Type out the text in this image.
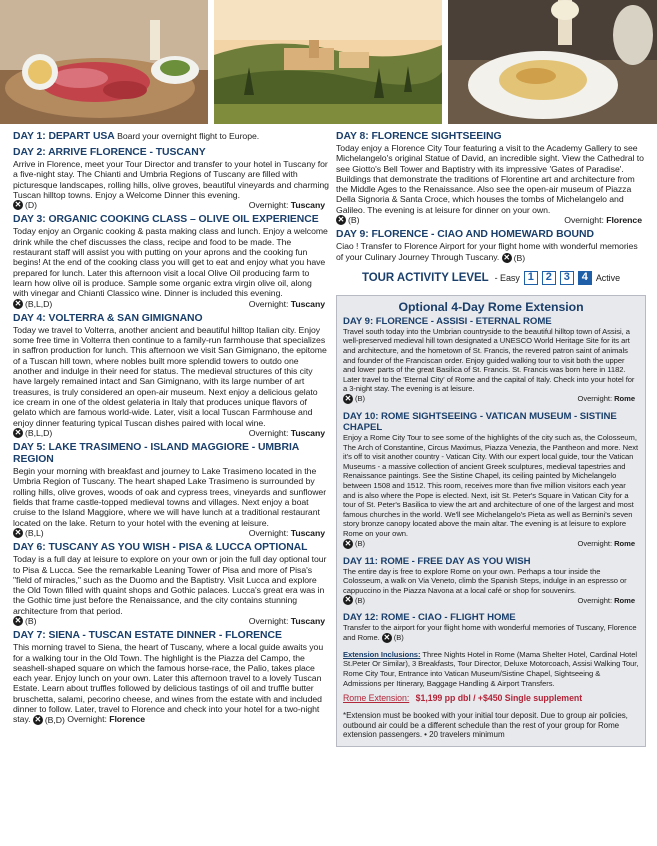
DAY 1: DEPART USA Board your overnight flight to Europe.
DAY 2: ARRIVE FLORENCE - TUSCANY
Arrive in Florence, meet your Tour Director and transfer to your hotel in Tuscany for a five-night stay. The Chianti and Umbria Regions of Tuscany are filled with picturesque landscapes, rolling hills, olive groves, beautiful vineyards and charming Tuscan hilltop towns. Enjoy a Welcome Dinner this evening.
✕ (D)	Overnight: Tuscany
DAY 3: ORGANIC COOKING CLASS – OLIVE OIL EXPERIENCE
Today enjoy an Organic cooking & pasta making class and lunch. Enjoy a welcome drink while the chef discusses the class, recipe and food to be made. The restaurant staff will assist you with putting on your aprons and the cooking fun begins! At the end of the cooking class you will get to eat and enjoy what you have prepared for lunch. Later this afternoon visit a local Olive Oil producing farm to learn how olive oil is produce. Sample some organic extra virgin olive oil, along with vinegar and Chianti Classico wine. Dinner is included this evening.
✕ (B,L,D)	Overnight: Tuscany
DAY 4: VOLTERRA & SAN GIMIGNANO
Today we travel to Volterra, another ancient and beautiful hilltop Italian city. Enjoy some free time in Volterra then continue to a family-run farmhouse that specializes in saffron production for lunch. This afternoon we visit San Gimignano, the epitome of a Tuscan hill town, where nobles built more splendid towers to outdo one another and indulge in their need for status. The medieval structures of this city have largely remained intact and San Gimignano, with its large number of art treasures, is truly considered an open-air museum. Next enjoy a delicious gelato ice cream in one of the oldest gelateria in Italy that produces unique flavors of gelato which are famous world-wide. Later, visit a local Tuscan Farmhouse and enjoy dinner featuring typical Tuscan dishes paired with local wine.
✕ (B,L,D)	Overnight: Tuscany
DAY 5: LAKE TRASIMENO - ISLAND MAGGIORE - UMBRIA REGION
Begin your morning with breakfast and journey to Lake Trasimeno located in the Umbria Region of Tuscany. The heart shaped Lake Trasimeno is surrounded by rolling hills, olive groves, woods of oak and cypress trees, vineyards and sunflower fields that frame castle-topped medieval towns and villages. Next enjoy a boat cruise to the Island Maggiore, where we will have lunch at a traditional restaurant located on the lake. Return to your hotel with the evening at leisure.
✕ (B,L)	Overnight: Tuscany
DAY 6: TUSCANY AS YOU WISH - PISA & LUCCA OPTIONAL
Today is a full day at leisure to explore on your own or join the full day optional tour to Pisa & Lucca. See the remarkable Leaning Tower of Pisa and more of Pisa's "field of miracles," such as the Duomo and the Baptistry. Visit Lucca and explore the Old Town filled with quaint shops and Gothic palaces. Lucca's great era was in the Gothic time just before the Renaissance, and the city contains stunning architecture from that period.
✕ (B)	Overnight: Tuscany
DAY 7: SIENA - TUSCAN ESTATE DINNER - FLORENCE
This morning travel to Siena, the heart of Tuscany, where a local guide awaits you for a walking tour in the Old Town. The highlight is the Piazza del Campo, the seashell-shaped square on which the famous horse-race, the Palio, takes place each year. Enjoy lunch on your own. Later this afternoon travel to a lovely Tuscan Estate. Learn about truffles followed by delicious tastings of oil and truffle butter bruschetta, salami, pecorino cheese, and wines from the estate with and included dinner to follow. Later, travel to Florence and check into your hotel for a two-night stay. ✕ (B,D) Overnight: Florence
DAY 8: FLORENCE SIGHTSEEING
Today enjoy a Florence City Tour featuring a visit to the Academy Gallery to see Michelangelo's original Statue of David, an incredible sight. View the Cathedral to see Giotto's Bell Tower and Baptistry with its impressive 'Gates of Paradise'. Buildings that demonstrate the traditions of Florentine art and architecture from the Middle Ages to the Renaissance. Also see the open-air museum of Piazza Della Signoria & Santa Croce, which houses the tombs of Michelangelo and Galileo. The evening is at leisure for dinner on your own.
✕ (B)	Overnight: Florence
DAY 9: FLORENCE - CIAO AND HOMEWARD BOUND
Ciao ! Transfer to Florence Airport for your flight home with wonderful memories of your Culinary Journey Through Tuscany. ✕ (B)
TOUR ACTIVITY LEVEL - Easy 1	2	3	4 Active
Optional 4-Day Rome Extension
DAY 9: FLORENCE - ASSISI - ETERNAL ROME
Travel south today into the Umbrian countryside to the beautiful hilltop town of Assisi, a well-preserved medieval hill town designated a UNESCO World Heritage Site for its art and architecture, and the hometown of St. Francis, the revered patron saint of animals and founder of the Franciscan order. Enjoy guided walking tour to visit both the upper and lower parts of the great Basilica of St. Francis. St. Francis was born here in 1182. Later travel to the 'Eternal City' of Rome and the capital of Italy. Check into your hotel for a 3-night stay. The evening is at leisure.
✕ (B)	Overnight: Rome
DAY 10: ROME SIGHTSEEING - VATICAN MUSEUM - SISTINE CHAPEL
Enjoy a Rome City Tour to see some of the highlights of the city such as, the Colosseum, The Arch of Constantine, Circus Maximus, Piazza Venezia, the Pantheon and more. Next it's off to visit another country - Vatican City. With our expert local guide, tour the Vatican Museums - a massive collection of ancient Greek sculptures, medieval tapestries and Renaissance paintings. See the Sistine Chapel, its ceiling painted by Michelangelo between 1508 and 1512. This room, receives more than five million visitors each year and is also where the Pope is elected. Next, isit St. Peter's Square in Vatican City for a tour of St. Peter's Basilica to view the art and architecture of one of the largest and most famous churches in the world. We'll see Michelangelo's Pieta as well as Bernini's seven story bronze canopy located above the main altar. The evening is at leisure to explore Rome on your own.
✕ (B)	Overnight: Rome
DAY 11: ROME - FREE DAY AS YOU WISH
The entire day is free to explore Rome on your own. Perhaps a tour inside the Colosseum, a walk on Via Veneto, climb the Spanish Steps, indulge in an espresso or cappuccino in the Piazza Navona at a local café or shop for souvenirs.
✕ (B)	Overnight: Rome
DAY 12: ROME - CIAO - FLIGHT HOME
Transfer to the airport for your flight home with wonderful memories of Tuscany, Florence and Rome. ✕ (B)
Extension Inclusions: Three Nights Hotel in Rome (Mama Shelter Hotel, Cardinal Hotel St.Peter Or Similar), 3 Breakfasts, Tour Director, Deluxe Motorcoach, Assisi Walking Tour, Rome City Tour, Entrance into Vatican Museum/Sistine Chapel, Sightseeing & Admissions per Itinerary, Baggage Handling & Airport Transfers.
Rome Extension: $1,199 pp dbl / +$450 Single supplement
*Extension must be booked with your initial tour deposit. Due to group air policies, outbound air could be a different schedule than the rest of your group for Rome extension passengers. • 20 travelers minimum
